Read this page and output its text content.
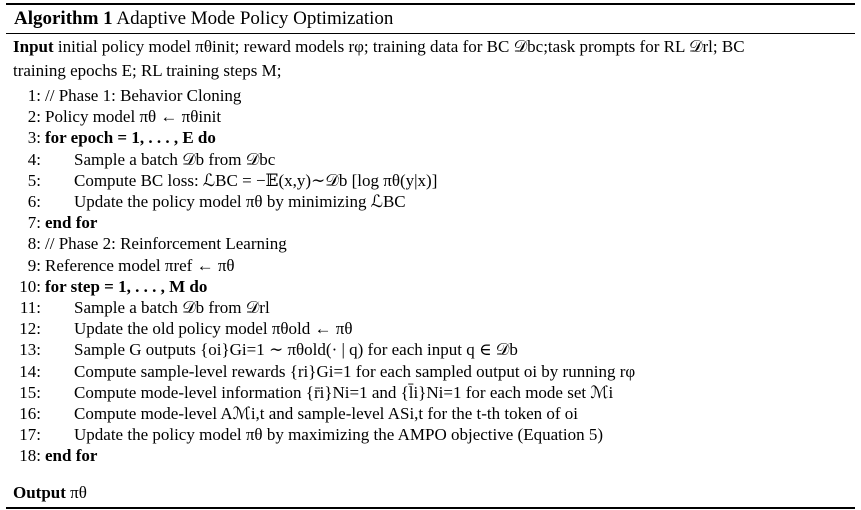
Algorithm 1 Adaptive Mode Policy Optimization
Input initial policy model πθinit; reward models rφ; training data for BC 𝒟bc;task prompts for RL 𝒟rl; BC
training epochs E; RL training steps M;
1: // Phase 1: Behavior Cloning
2: Policy model πθ ← πθinit
3: for epoch = 1, . . . , E do
4: Sample a batch 𝒟b from 𝒟bc
5: Compute BC loss: ℒBC = −𝔼(x,y)∼𝒟b [log πθ(y|x)]
6: Update the policy model πθ by minimizing ℒBC
7: end for
8: // Phase 2: Reinforcement Learning
9: Reference model πref ← πθ
10: for step = 1, . . . , M do
11: Sample a batch 𝒟b from 𝒟rl
12: Update the old policy model πθold ← πθ
13: Sample G outputs {oi}Gi=1 ∼ πθold(· | q) for each input q ∈ 𝒟b
14: Compute sample-level rewards {ri}Gi=1 for each sampled output oi by running rφ
15: Compute mode-level information {r̄i}Ni=1 and {l̄i}Ni=1 for each mode set ℳi
16: Compute mode-level Aℳi,t and sample-level ASi,t for the t-th token of oi
17: Update the policy model πθ by maximizing the AMPO objective (Equation 5)
18: end for
Output πθ
